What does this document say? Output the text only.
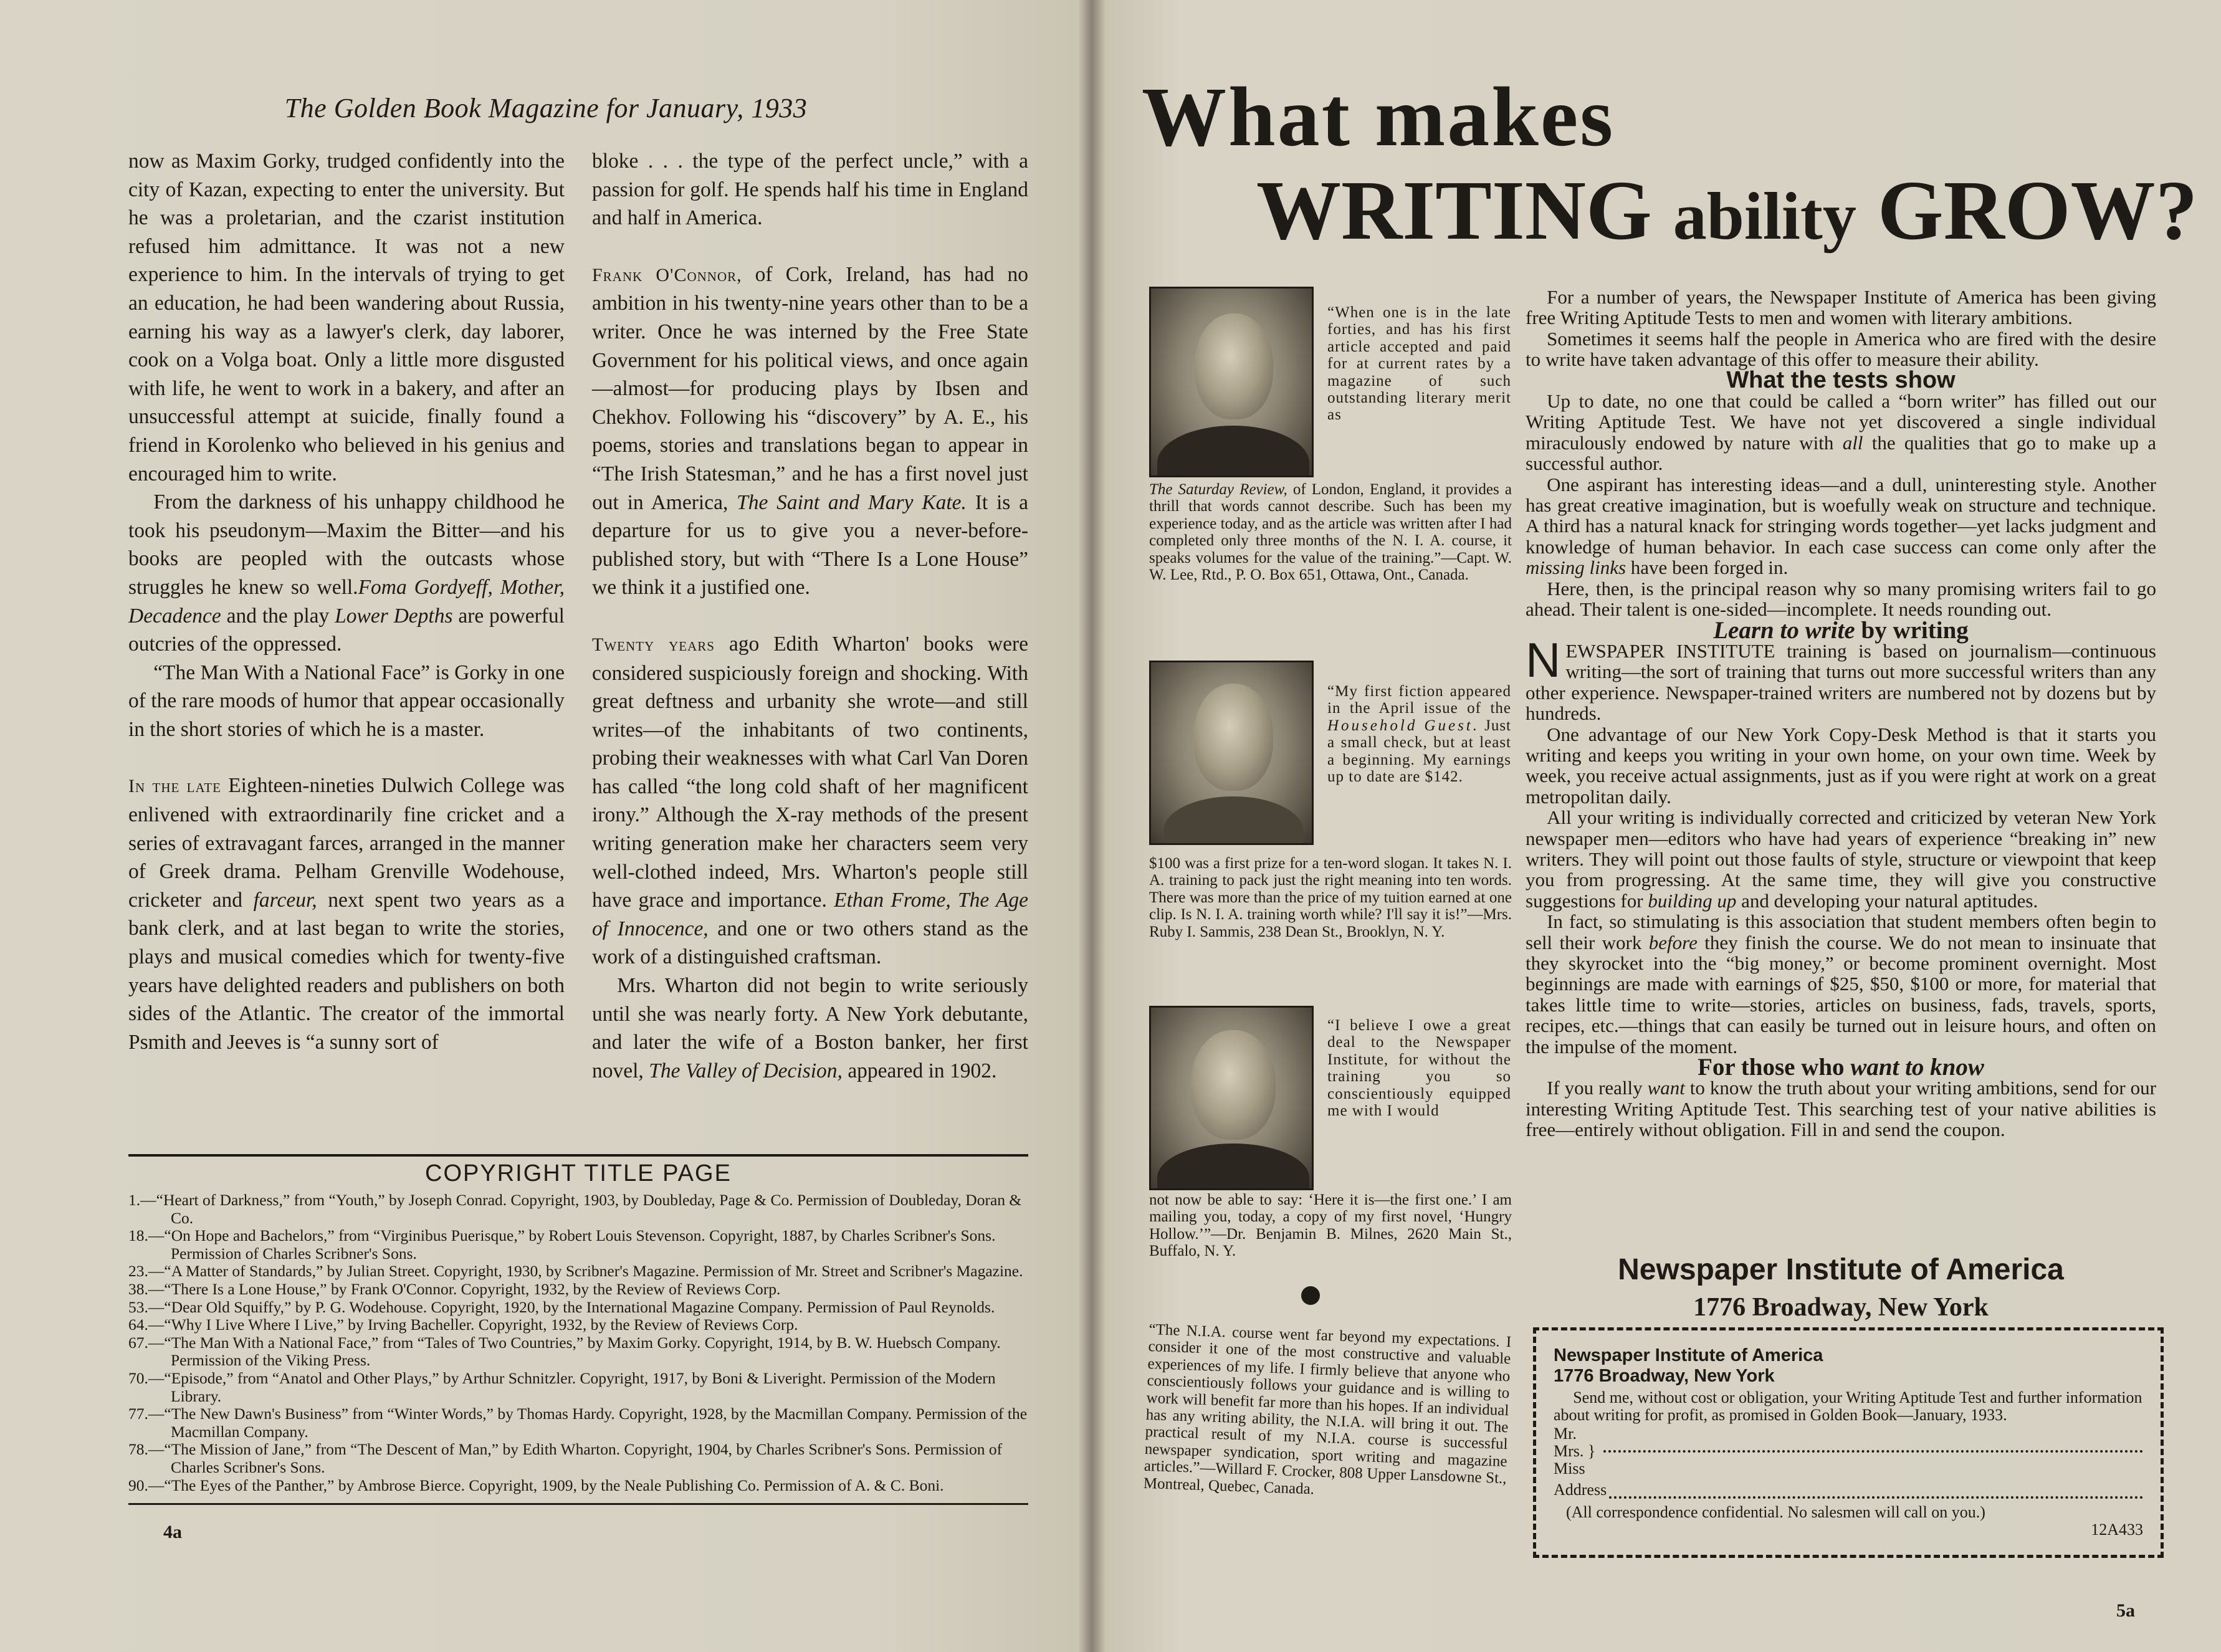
The Golden Book Magazine for January, 1933

now as Maxim Gorky, trudged confidently into the city of Kazan, expecting to enter the university. But he was a proletarian, and the czarist institution refused him admittance. It was not a new experience to him. In the intervals of trying to get an education, he had been wandering about Russia, earning his way as a lawyer's clerk, day laborer, cook on a Volga boat. Only a little more disgusted with life, he went to work in a bakery, and after an unsuccessful attempt at suicide, finally found a friend in Korolenko who believed in his genius and encouraged him to write.

From the darkness of his unhappy childhood he took his pseudonym—Maxim the Bitter—and his books are peopled with the outcasts whose struggles he knew so well.Foma Gordyeff, Mother, Decadence and the play Lower Depths are powerful outcries of the oppressed.

“The Man With a National Face” is Gorky in one of the rare moods of humor that appear occasionally in the short stories of which he is a master.

In the late Eighteen-nineties Dulwich College was enlivened with extraordinarily fine cricket and a series of extravagant farces, arranged in the manner of Greek drama. Pelham Grenville Wodehouse, cricketer and farceur, next spent two years as a bank clerk, and at last began to write the stories, plays and musical comedies which for twenty-five years have delighted readers and publishers on both sides of the Atlantic. The creator of the immortal Psmith and Jeeves is “a sunny sort of

bloke . . . the type of the perfect uncle,” with a passion for golf. He spends half his time in England and half in America.

Frank O'Connor, of Cork, Ireland, has had no ambition in his twenty-nine years other than to be a writer. Once he was interned by the Free State Government for his political views, and once again—almost—for producing plays by Ibsen and Chekhov. Following his “discovery” by A. E., his poems, stories and translations began to appear in “The Irish Statesman,” and he has a first novel just out in America, The Saint and Mary Kate. It is a departure for us to give you a never-before-published story, but with “There Is a Lone House” we think it a justified one.

Twenty years ago Edith Wharton' books were considered suspiciously foreign and shocking. With great deftness and urbanity she wrote—and still writes—of the inhabitants of two continents, probing their weaknesses with what Carl Van Doren has called “the long cold shaft of her magnificent irony.” Although the X-ray methods of the present writing generation make her characters seem very well-clothed indeed, Mrs. Wharton's people still have grace and importance. Ethan Frome, The Age of Innocence, and one or two others stand as the work of a distinguished craftsman.

Mrs. Wharton did not begin to write seriously until she was nearly forty. A New York debutante, and later the wife of a Boston banker, her first novel, The Valley of Decision, appeared in 1902.

COPYRIGHT TITLE PAGE
1.—“Heart of Darkness,” from “Youth,” by Joseph Conrad. Copyright, 1903, by Doubleday, Page & Co. Permission of Doubleday, Doran & Co.
18.—“On Hope and Bachelors,” from “Virginibus Puerisque,” by Robert Louis Stevenson. Copyright, 1887, by Charles Scribner's Sons. Permission of Charles Scribner's Sons.
23.—“A Matter of Standards,” by Julian Street. Copyright, 1930, by Scribner's Magazine. Permission of Mr. Street and Scribner's Magazine.
38.—“There Is a Lone House,” by Frank O'Connor. Copyright, 1932, by the Review of Reviews Corp.
53.—“Dear Old Squiffy,” by P. G. Wodehouse. Copyright, 1920, by the International Magazine Company. Permission of Paul Reynolds.
64.—“Why I Live Where I Live,” by Irving Bacheller. Copyright, 1932, by the Review of Reviews Corp.
67.—“The Man With a National Face,” from “Tales of Two Countries,” by Maxim Gorky. Copyright, 1914, by B. W. Huebsch Company. Permission of the Viking Press.
70.—“Episode,” from “Anatol and Other Plays,” by Arthur Schnitzler. Copyright, 1917, by Boni & Liveright. Permission of the Modern Library.
77.—“The New Dawn's Business” from “Winter Words,” by Thomas Hardy. Copyright, 1928, by the Macmillan Company. Permission of the Macmillan Company.
78.—“The Mission of Jane,” from “The Descent of Man,” by Edith Wharton. Copyright, 1904, by Charles Scribner's Sons. Permission of Charles Scribner's Sons.
90.—“The Eyes of the Panther,” by Ambrose Bierce. Copyright, 1909, by the Neale Publishing Co. Permission of A. & C. Boni.
4a
What makes
WRITING ability GROW?
“When one is in the late forties, and has his first article accepted and paid for at current rates by a magazine of such outstanding literary merit as
The Saturday Review, of London, England, it provides a thrill that words cannot describe. Such has been my experience today, and as the article was written after I had completed only three months of the N. I. A. course, it speaks volumes for the value of the training.”—Capt. W. W. Lee, Rtd., P. O. Box 651, Ottawa, Ont., Canada.
“My first fiction appeared in the April issue of the Household Guest. Just a small check, but at least a beginning. My earnings up to date are $142.
$100 was a first prize for a ten-word slogan. It takes N. I. A. training to pack just the right meaning into ten words. There was more than the price of my tuition earned at one clip. Is N. I. A. training worth while? I'll say it is!”—Mrs. Ruby I. Sammis, 238 Dean St., Brooklyn, N. Y.
“I believe I owe a great deal to the Newspaper Institute, for without the training you so conscientiously equipped me with I would
not now be able to say: ‘Here it is—the first one.’ I am mailing you, today, a copy of my first novel, ‘Hungry Hollow.’”—Dr. Benjamin B. Milnes, 2620 Main St., Buffalo, N. Y.
“The N.I.A. course went far beyond my expectations. I consider it one of the most constructive and valuable experiences of my life. I firmly believe that anyone who conscientiously follows your guidance and is willing to work will benefit far more than his hopes. If an individual has any writing ability, the N.I.A. will bring it out. The practical result of my N.I.A. course is successful newspaper syndication, sport writing and magazine articles.”—Willard F. Crocker, 808 Upper Lansdowne St., Montreal, Quebec, Canada.

For a number of years, the Newspaper Institute of America has been giving free Writing Aptitude Tests to men and women with literary ambitions.

Sometimes it seems half the people in America who are fired with the desire to write have taken advantage of this offer to measure their ability.

What the tests show

Up to date, no one that could be called a “born writer” has filled out our Writing Aptitude Test. We have not yet discovered a single individual miraculously endowed by nature with all the qualities that go to make up a successful author.

One aspirant has interesting ideas—and a dull, uninteresting style. Another has great creative imagination, but is woefully weak on structure and technique. A third has a natural knack for stringing words together—yet lacks judgment and knowledge of human behavior. In each case success can come only after the missing links have been forged in.

Here, then, is the principal reason why so many promising writers fail to go ahead. Their talent is one-sided—incomplete. It needs rounding out.

Learn to write by writing

NEWSPAPER INSTITUTE training is based on journalism—continuous writing—the sort of training that turns out more successful writers than any other experience. Newspaper-trained writers are numbered not by dozens but by hundreds.

One advantage of our New York Copy-Desk Method is that it starts you writing and keeps you writing in your own home, on your own time. Week by week, you receive actual assignments, just as if you were right at work on a great metropolitan daily.

All your writing is individually corrected and criticized by veteran New York newspaper men—editors who have had years of experience “breaking in” new writers. They will point out those faults of style, structure or viewpoint that keep you from progressing. At the same time, they will give you constructive suggestions for building up and developing your natural aptitudes.

In fact, so stimulating is this association that student members often begin to sell their work before they finish the course. We do not mean to insinuate that they skyrocket into the “big money,” or become prominent overnight. Most beginnings are made with earnings of $25, $50, $100 or more, for material that takes little time to write—stories, articles on business, fads, travels, sports, recipes, etc.—things that can easily be turned out in leisure hours, and often on the impulse of the moment.

For those who want to know

If you really want to know the truth about your writing ambitions, send for our interesting Writing Aptitude Test. This searching test of your native abilities is free—entirely without obligation. Fill in and send the coupon.

Newspaper Institute of America
1776 Broadway, New York
Newspaper Institute of America
1776 Broadway, New York
Send me, without cost or obligation, your Writing Aptitude Test and further information about writing for profit, as promised in Golden Book—January, 1933.
Mr.
Mrs. }
Miss
Address
(All correspondence confidential. No salesmen will call on you.)
12A433
5a
